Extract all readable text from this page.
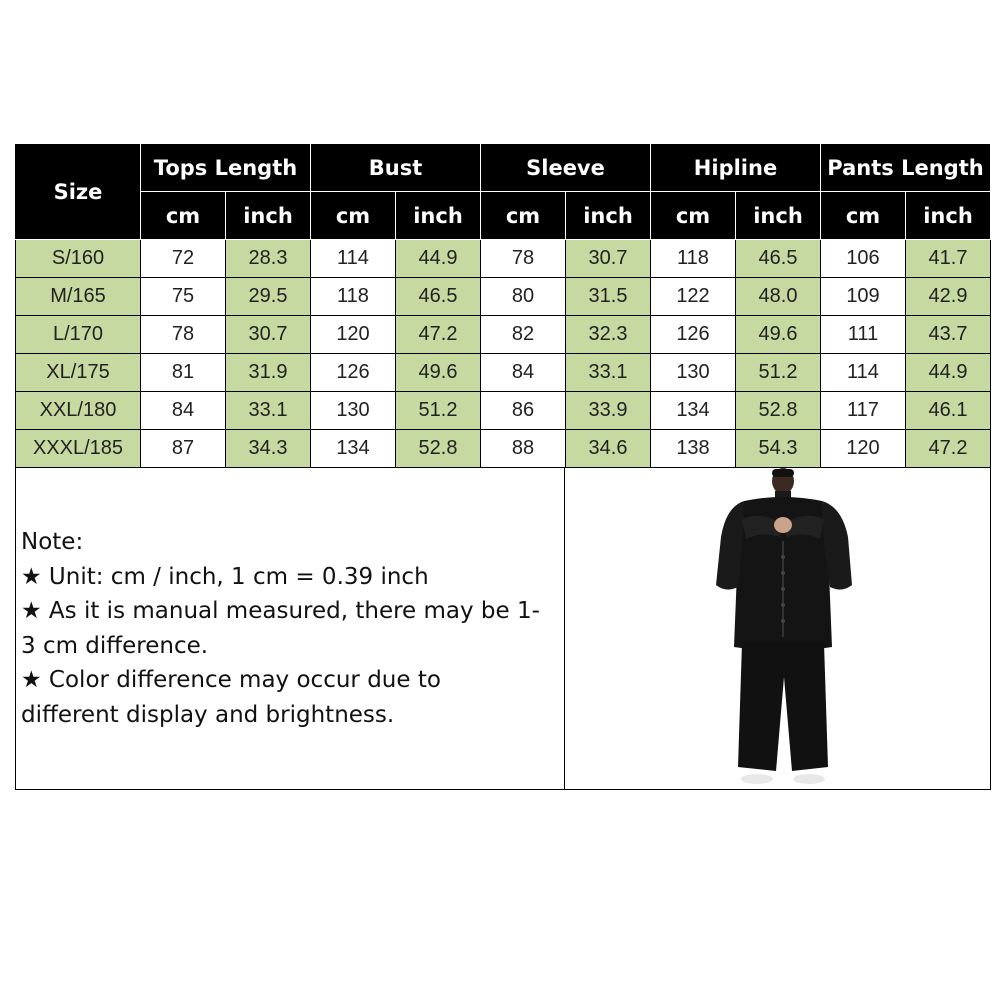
Size	Tops Length		Bust		Sleeve		Hipline		Pants Length	
	cm	inch	cm	inch	cm	inch	cm	inch	cm	inch
S/160	72	28.3	114	44.9	78	30.7	118	46.5	106	41.7
M/165	75	29.5	118	46.5	80	31.5	122	48.0	109	42.9
L/170	78	30.7	120	47.2	82	32.3	126	49.6	111	43.7
XL/175	81	31.9	126	49.6	84	33.1	130	51.2	114	44.9
XXL/180	84	33.1	130	51.2	86	33.9	134	52.8	117	46.1
XXXL/185	87	34.3	134	52.8	88	34.6	138	54.3	120	47.2
Note:
★ Unit: cm / inch, 1 cm = 0.39 inch
★ As it is manual measured, there may be 1-
3 cm difference.
★ Color difference may occur due to
different display and brightness.
